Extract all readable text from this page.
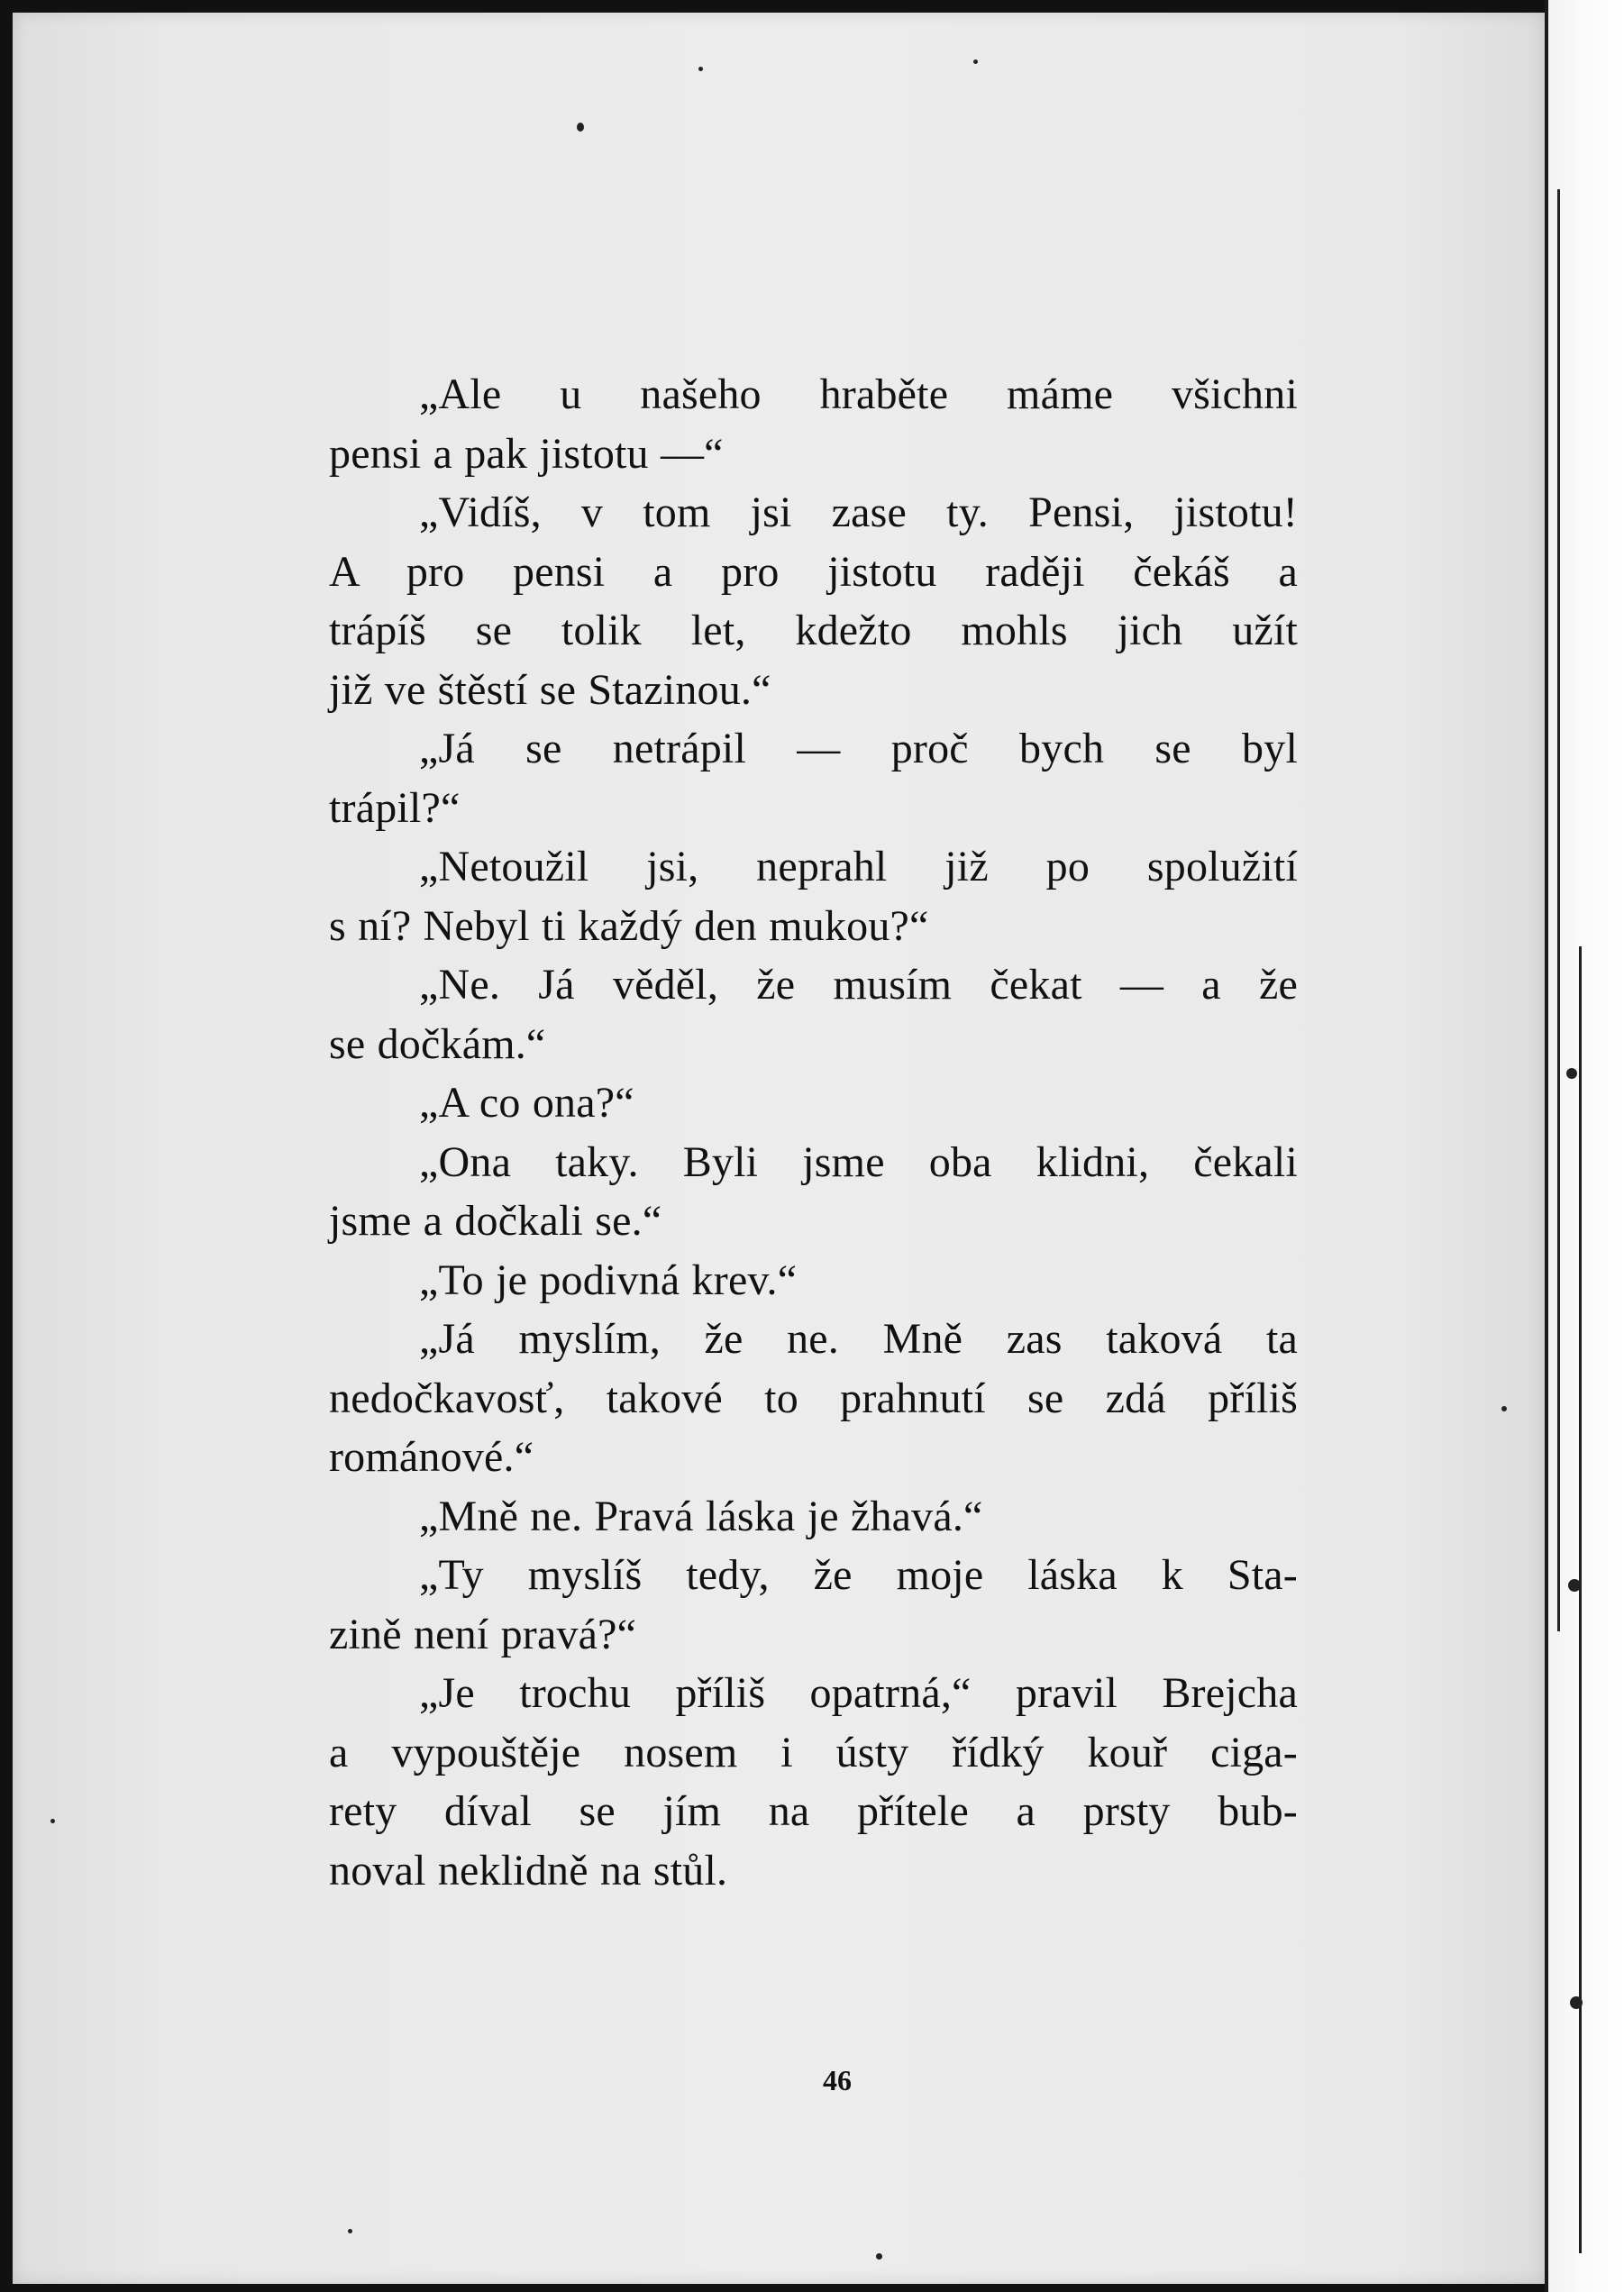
„Ale u našeho hraběte máme všichni
pensi a pak jistotu —“
„Vidíš, v tom jsi zase ty. Pensi, jistotu!
A pro pensi a pro jistotu raději čekáš a
trápíš se tolik let, kdežto mohls jich užít
již ve štěstí se Stazinou.“
„Já se netrápil — proč bych se byl
trápil?“
„Netoužil jsi, neprahl již po spolužití
s ní? Nebyl ti každý den mukou?“
„Ne. Já věděl, že musím čekat — a že
se dočkám.“
„A co ona?“
„Ona taky. Byli jsme oba klidni, čekali
jsme a dočkali se.“
„To je podivná krev.“
„Já myslím, že ne. Mně zas taková ta
nedočkavosť, takové to prahnutí se zdá příliš
románové.“
„Mně ne. Pravá láska je žhavá.“
„Ty myslíš tedy, že moje láska k Sta-
zině není pravá?“
„Je trochu příliš opatrná,“ pravil Brejcha
a vypouštěje nosem i ústy řídký kouř ciga-
rety díval se jím na přítele a prsty bub-
noval neklidně na stůl.
46
